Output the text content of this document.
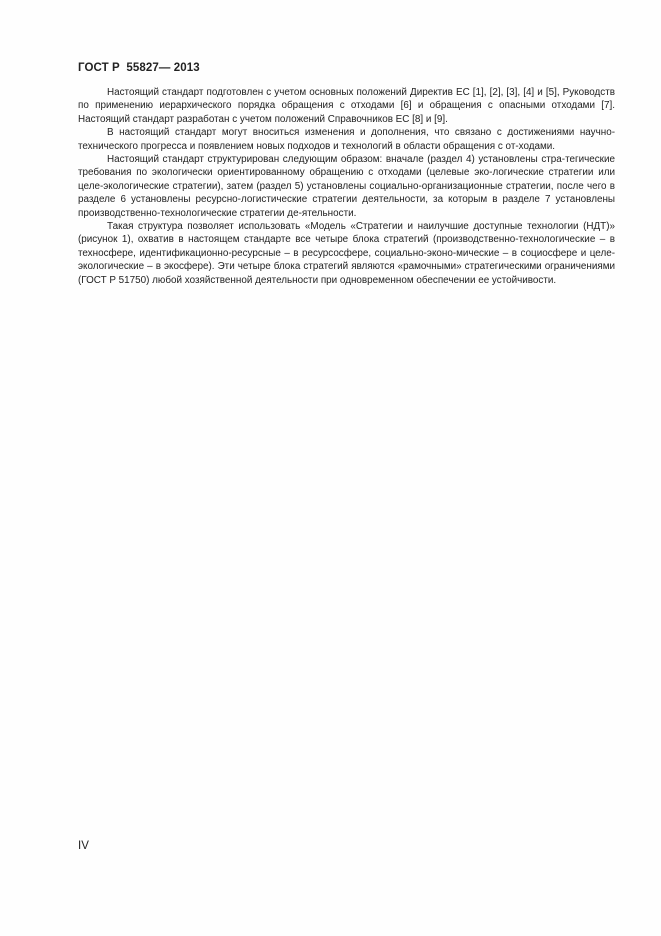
ГОСТ Р  55827— 2013

Настоящий стандарт подготовлен с учетом основных положений Директив ЕС [1], [2], [3], [4] и [5], Руководств по применению иерархического порядка обращения с отходами [6] и обращения с опасными отходами [7]. Настоящий стандарт разработан с учетом положений Справочников ЕС [8] и [9].

В настоящий стандарт могут вноситься изменения и дополнения, что связано с достижениями научно-технического прогресса и появлением новых подходов и технологий в области обращения с от-ходами.

Настоящий стандарт структурирован следующим образом: вначале (раздел 4) установлены стра-тегические требования по экологически ориентированному обращению с отходами (целевые эко-логические стратегии или целе-экологические стратегии), затем (раздел 5) установлены социально-организационные стратегии, после чего в разделе 6 установлены ресурсно-логистические стратегии деятельности, за которым в разделе 7 установлены производственно-технологические стратегии де-ятельности.

Такая структура позволяет использовать «Модель «Стратегии и наилучшие доступные технологии (НДТ)» (рисунок 1), охватив в настоящем стандарте все четыре блока стратегий (производственно-технологические – в техносфере, идентификационно-ресурсные – в ресурсосфере, социально-эконо-мические – в социосфере и целе-экологические – в экосфере). Эти четыре блока стратегий являются «рамочными» стратегическими ограничениями (ГОСТ Р 51750) любой хозяйственной деятельности при одновременном обеспечении ее устойчивости.

IV
